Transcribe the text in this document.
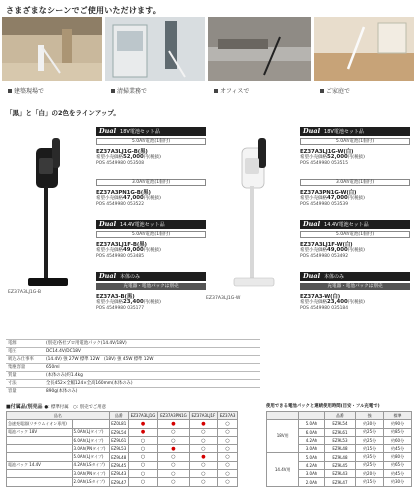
さまざまなシーンでご使用いただけます。
建築現場で	清掃業務で	オフィスで	ご家庭で
「黒」と「白」の2色をラインアップ。
EZ37A3LJ1G-B
EZ37A3LJ1G-W
Dual 18V電池セット品
5.0Ah電池(1個付)
EZ37A3LJ1G-B(黒)
希望小売価格52,000円(税抜)
POS 4549980 053508
3.0Ah電池(1個付)
EZ37A3PN1G-B(黒)
希望小売価格47,000円(税抜)
POS 4549980 053522
Dual 14.4V電池セット品
5.0Ah電池(1個付)
EZ37A3LJ1F-B(黒)
希望小売価格49,000円(税抜)
POS 4549980 053485
Dual 本体のみ
充電器・電池パックは別売
EZ37A3-B(黒)
希望小売価格23,400円(税抜)
POS 4549980 035177
Dual 18V電池セット品
5.0Ah電池(1個付)
EZ37A3LJ1G-W(白)
希望小売価格52,000円(税抜)
POS 4549980 053515
3.0Ah電池(1個付)
EZ37A3PN1G-W(白)
希望小売価格47,000円(税抜)
POS 4549980 053539
Dual 14.4V電池セット品
5.0Ah電池(1個付)
EZ37A3LJ1F-W(白)
希望小売価格49,000円(税抜)
POS 4549980 053492
Dual 本体のみ
充電器・電池パックは別売
EZ37A3-W(白)
希望小売価格23,400円(税抜)
POS 4549980 035184
電源	(別売)各社プロ用電池パック(14.4V/18V)
電圧	DC14.4V/DC18V
吸込み仕事率	(14.4V) 強 27W 標準 12W　(18V) 強 45W 標準 12W
集塵容量	650ml
質量	(本体のみ)約1.4kg
寸法	全長452×全幅124×全高160mm(本体のみ)
容量	890g(本体のみ)
■付属品/別売品 ●: 標準付属　○: 別売でご用意
品名		品番	EZ37A3LJ1G	EZ37A3PN1G	EZ37A3LJ1F	EZ37A3
急速充電器(リチウムイオン専用)		EZ0L81	●	●	●	○
電池パック 18V	5.0Ah(LJタイプ)	EZ9L54	●	○	○	○
	6.0Ah(LJタイプ)	EZ9L61	○	○	○	○
	3.0Ah(PNタイプ)	EZ9L53	○	●	○	○
	5.0Ah(LJタイプ)	EZ9L48	○	○	●	○
電池パック 14.4V	4.2Ah(LSタイプ)	EZ9L45	○	○	○	○
	3.0Ah(PNタイプ)	EZ9L43	○	○	○	○
	2.0Ah(LSタイプ)	EZ9L47	○	○	○	○
使用できる電池パックと連続使用時間(目安・フル充電で)
		品番	強	標準
18V用	5.0Ah	EZ9L54	約30分	約90分
	6.0Ah	EZ9L61	約25分	約85分
	4.2Ah	EZ9L53	約25分	約60分
	3.0Ah	EZ9L48	約15分	約45分
14.4V用	5.0Ah	EZ9L48	約35分	約80分
	4.2Ah	EZ9L45	約25分	約65分
	3.0Ah	EZ9L43	約20分	約45分
	2.0Ah	EZ9L47	約15分	約30分
